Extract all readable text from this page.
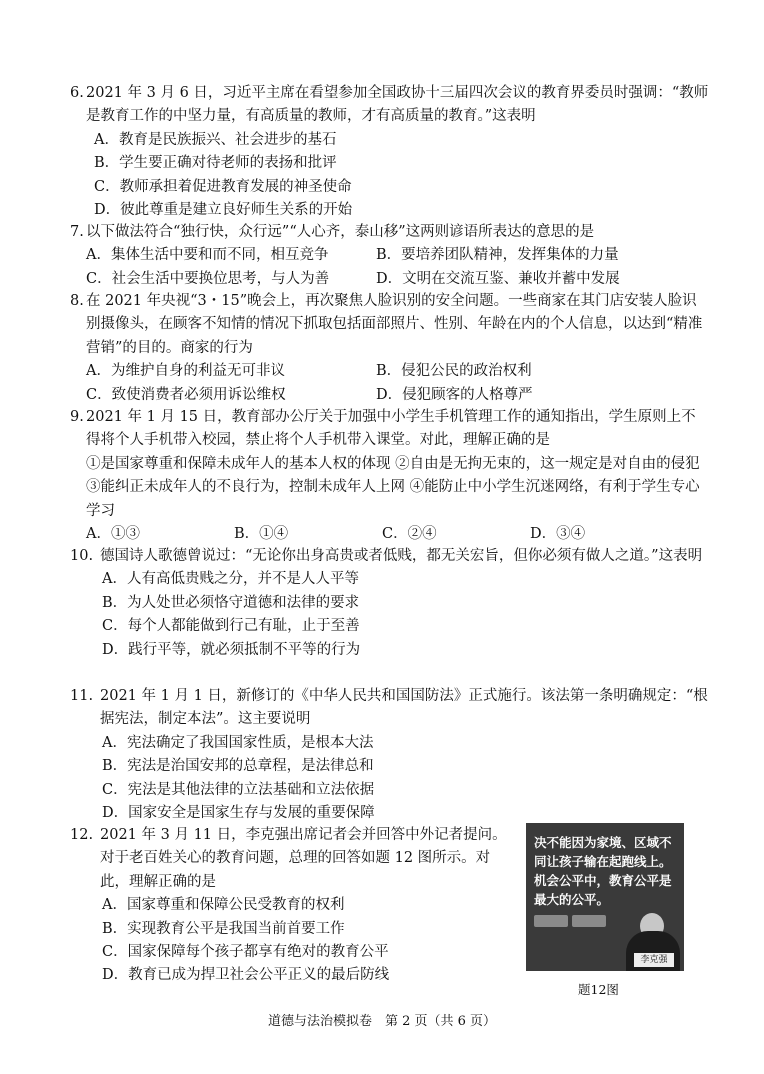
6. 2021 年 3 月 6 日，习近平主席在看望参加全国政协十三届四次会议的教育界委员时强调：“教师是教育工作的中坚力量，有高质量的教师，才有高质量的教育。”这表明
A．教育是民族振兴、社会进步的基石
B．学生要正确对待老师的表扬和批评
C．教师承担着促进教育发展的神圣使命
D．彼此尊重是建立良好师生关系的开始
7. 以下做法符合“独行快，众行远”“人心齐，泰山移”这两则谚语所表达的意思的是
A．集体生活中要和而不同，相互竞争	B．要培养团队精神，发挥集体的力量
C．社会生活中要换位思考，与人为善	D．文明在交流互鉴、兼收并蓄中发展
8. 在 2021 年央视“3・15”晚会上，再次聚焦人脸识别的安全问题。一些商家在其门店安装人脸识别摄像头，在顾客不知情的情况下抓取包括面部照片、性别、年龄在内的个人信息，以达到“精准营销”的目的。商家的行为
A．为维护自身的利益无可非议	B．侵犯公民的政治权利
C．致使消费者必须用诉讼维权	D．侵犯顾客的人格尊严
9. 2021 年 1 月 15 日，教育部办公厅关于加强中小学生手机管理工作的通知指出，学生原则上不得将个人手机带入校园，禁止将个人手机带入课堂。对此，理解正确的是
①是国家尊重和保障未成年人的基本人权的体现 ②自由是无拘无束的，这一规定是对自由的侵犯 ③能纠正未成年人的不良行为，控制未成年人上网 ④能防止中小学生沉迷网络，有利于学生专心学习
A．①③	B．①④	C．②④	D．③④
10. 德国诗人歌德曾说过：“无论你出身高贵或者低贱，都无关宏旨，但你必须有做人之道。”这表明
A．人有高低贵贱之分，并不是人人平等
B．为人处世必须恪守道德和法律的要求
C．每个人都能做到行己有耻，止于至善
D．践行平等，就必须抵制不平等的行为
11. 2021 年 1 月 1 日，新修订的《中华人民共和国国防法》正式施行。该法第一条明确规定：“根据宪法，制定本法”。这主要说明
A．宪法确定了我国国家性质，是根本大法
B．宪法是治国安邦的总章程，是法律总和
C．宪法是其他法律的立法基础和立法依据
D．国家安全是国家生存与发展的重要保障
12. 2021 年 3 月 11 日，李克强出席记者会并回答中外记者提问。对于老百姓关心的教育问题，总理的回答如题 12 图所示。对此，理解正确的是
A．国家尊重和保障公民受教育的权利
B．实现教育公平是我国当前首要工作
C．国家保障每个孩子都享有绝对的教育公平
D．教育已成为捍卫社会公平正义的最后防线
决不能因为家境、区域不同让孩子输在起跑线上。机会公平中，教育公平是最大的公平。
李克强
题12图
道德与法治模拟卷　第 2 页（共 6 页）
